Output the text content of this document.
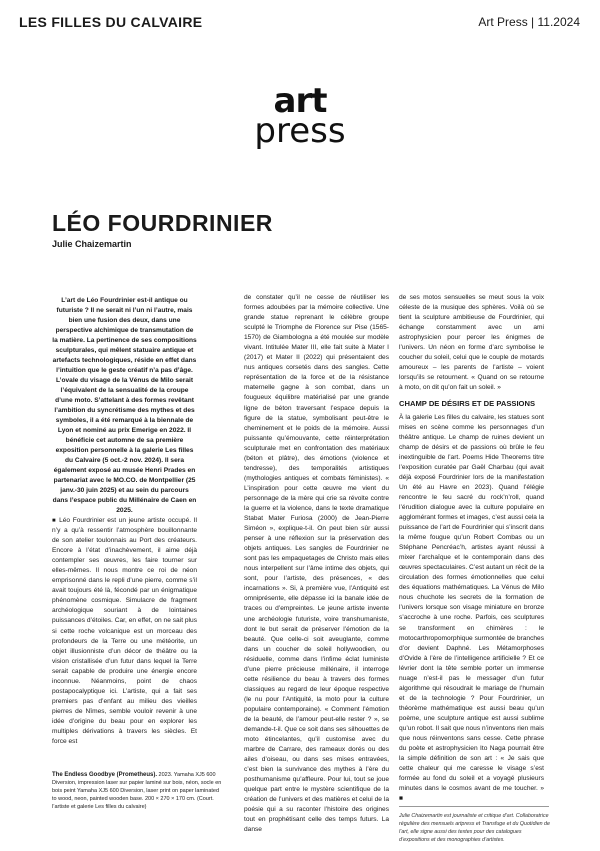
LES FILLES DU CALVAIRE	Art Press | 11.2024
art
press
LÉO FOURDRINIER
Julie Chaizemartin

L’art de Léo Fourdrinier est-il antique ou futuriste ? Il ne serait ni l’un ni l’autre, mais bien une fusion des deux, dans une perspective alchimique de transmutation de la matière. La pertinence de ses compositions sculpturales, qui mêlent statuaire antique et artefacts technologiques, réside en effet dans l’intuition que le geste créatif n’a pas d’âge. L’ovale du visage de la Vénus de Milo serait l’équivalent de la sensualité de la croupe d’une moto. S’attelant à des formes revêtant l’ambition du syncrétisme des mythes et des symboles, il a été remarqué à la biennale de Lyon et nominé au prix Emerige en 2022. Il bénéficie cet automne de sa première exposition personnelle à la galerie Les filles du Calvaire (5 oct.-2 nov. 2024). Il sera également exposé au musée Henri Prades en partenariat avec le MO.CO. de Montpellier (25 janv.-30 juin 2025) et au sein du parcours dans l’espace public du Millénaire de Caen en 2025.

■ Léo Fourdrinier est un jeune artiste occupé. Il n’y a qu’à ressentir l’atmosphère bouillonnante de son atelier toulonnais au Port des créateurs. Encore à l’état d’inachèvement, il aime déjà contempler ses œuvres, les faire tourner sur elles-mêmes. Il nous montre ce roi de néon emprisonné dans le repli d’une pierre, comme s’il avait toujours été là, fécondé par un énigmatique phénomène cosmique. Simulacre de fragment archéologique souriant à de lointaines puissances d’étoiles. Car, en effet, on ne sait plus si cette roche volcanique est un morceau des profondeurs de la Terre ou une météorite, un objet illusionniste d’un décor de théâtre ou la vision cristallisée d’un futur dans lequel la Terre serait capable de produire une énergie encore inconnue. Néanmoins, point de chaos postapocalyptique ici. L’artiste, qui a fait ses premiers pas d’enfant au milieu des vieilles pierres de Nîmes, semble vouloir revenir à une idée d’origine du beau pour en explorer les multiples dérivations à travers les siècles. Et force est

de constater qu’il ne cesse de réutiliser les formes adoubées par la mémoire collective. Une grande statue reprenant le célèbre groupe sculpté le Triomphe de Florence sur Pise (1565-1570) de Giambologna a été moulée sur modèle vivant. Intitulée Mater III, elle fait suite à Mater I (2017) et Mater II (2022) qui présentaient des nus antiques corsetés dans des sangles. Cette représentation de la force et de la résistance maternelle gagne à son combat, dans un fougueux équilibre matérialisé par une grande ligne de béton traversant l’espace depuis la figure de la statue, symbolisant peut-être le cheminement et le poids de la mémoire. Aussi puissante qu’émouvante, cette réinterprétation sculpturale met en confrontation des matériaux (béton et plâtre), des émotions (violence et tendresse), des temporalités artistiques (mythologies antiques et combats féministes). « L’inspiration pour cette œuvre me vient du personnage de la mère qui crie sa révolte contre la guerre et la violence, dans le texte dramatique Stabat Mater Furiosa (2000) de Jean-Pierre Siméon », explique-t-il. On peut bien sûr aussi penser à une réflexion sur la préservation des objets antiques. Les sangles de Fourdrinier ne sont pas les empaquetages de Christo mais elles nous interpellent sur l’âme intime des objets, qui sont, pour l’artiste, des présences, « des incarnations ». Si, à première vue, l’Antiquité est omniprésente, elle dépasse ici la banale idée de traces ou d’empreintes. Le jeune artiste invente une archéologie futuriste, voire transhumaniste, dont le but serait de préserver l’émotion de la beauté. Que celle-ci soit aveuglante, comme dans un coucher de soleil hollywoodien, ou résiduelle, comme dans l’infime éclat luministe d’une pierre précieuse millénaire, il interroge cette résilience du beau à travers des formes classiques au regard de leur époque respective (le nu pour l’Antiquité, la moto pour la culture populaire contemporaine). « Comment l’émotion de la beauté, de l’amour peut-elle rester ? », se demande-t-il. Que ce soit dans ses silhouettes de moto étincelantes, qu’il customise avec du marbre de Carrare, des rameaux dorés ou des ailes d’oiseau, ou dans ses mises entravées, c’est bien la survivance des mythes à l’ère du posthumanisme qu’affleure. Pour lui, tout se joue quelque part entre le mystère scientifique de la création de l’univers et des matières et celui de la poésie qui a su raconter l’histoire des origines tout en prophétisant celle des temps futurs. La danse

de ses motos sensuelles se meut sous la voix céleste de la musique des sphères. Voilà où se tient la sculpture ambitieuse de Fourdrinier, qui échange constamment avec un ami astrophysicien pour percer les énigmes de l’univers. Un néon en forme d’arc symbolise le coucher du soleil, celui que le couple de motards amoureux – les parents de l’artiste – voient lorsqu’ils se retournent. « Quand on se retourne à moto, on dit qu’on fait un soleil. »

CHAMP DE DÉSIRS ET DE PASSIONS

À la galerie Les filles du calvaire, les statues sont mises en scène comme les personnages d’un théâtre antique. Le champ de ruines devient un champ de désirs et de passions où brûle le feu inextinguible de l’art. Poems Hide Theorems titre l’exposition curatée par Gaël Charbau (qui avait déjà exposé Fourdrinier lors de la manifestation Un été au Havre en 2023). Quand l’élégie rencontre le feu sacré du rock’n’roll, quand l’érudition dialogue avec la culture populaire en agglomérant formes et images, c’est aussi cela la puissance de l’art de Fourdrinier qui s’inscrit dans la même fougue qu’un Robert Combas ou un Stéphane Pencréac’h, artistes ayant réussi à mixer l’archaïque et le contemporain dans des œuvres spectaculaires. C’est autant un récit de la circulation des formes émotionnelles que celui des équations mathématiques. La Vénus de Milo nous chuchote les secrets de la formation de l’univers lorsque son visage miniature en bronze s’accroche à une roche. Parfois, ces sculptures se transforment en chimères : le motocarthropomorphique surmontée de branches d’or devient Daphné. Les Métamorphoses d’Ovide à l’ère de l’intelligence artificielle ? Et ce lévrier dont la tête semble porter un immense nuage n’est-il pas le messager d’un futur algorithme qui résoudrait le mariage de l’humain et de la technologie ? Pour Fourdrinier, un théorème mathématique est aussi beau qu’un poème, une sculpture antique est aussi sublime qu’un robot. Il sait que nous n’inventons rien mais que nous réinventons sans cesse. Cette phrase du poète et astrophysicien Ito Naga pourrait être la simple définition de son art : « Je sais que cette chaleur qui me caresse le visage s’est formée au fond du soleil et a voyagé plusieurs minutes dans le cosmos avant de me toucher. » ■

The Endless Goodbye (Prometheus). 2023. Yamaha XJ5 600 Diversion, impression laser sur papier laminé sur bois, néon, socle en bois peint Yamaha XJ5 600 Diversion, laser print on paper laminated to wood, neon, painted wooden base. 200 × 270 × 170 cm. (Court. l’artiste et galerie Les filles du calvaire)
Julie Chaizemartin est journaliste et critique d’art. Collaboratrice régulière des mensuels artpress et Transfuge et du Quotidien de l’art, elle signe aussi des textes pour des catalogues d’expositions et des monographies d’artistes.
